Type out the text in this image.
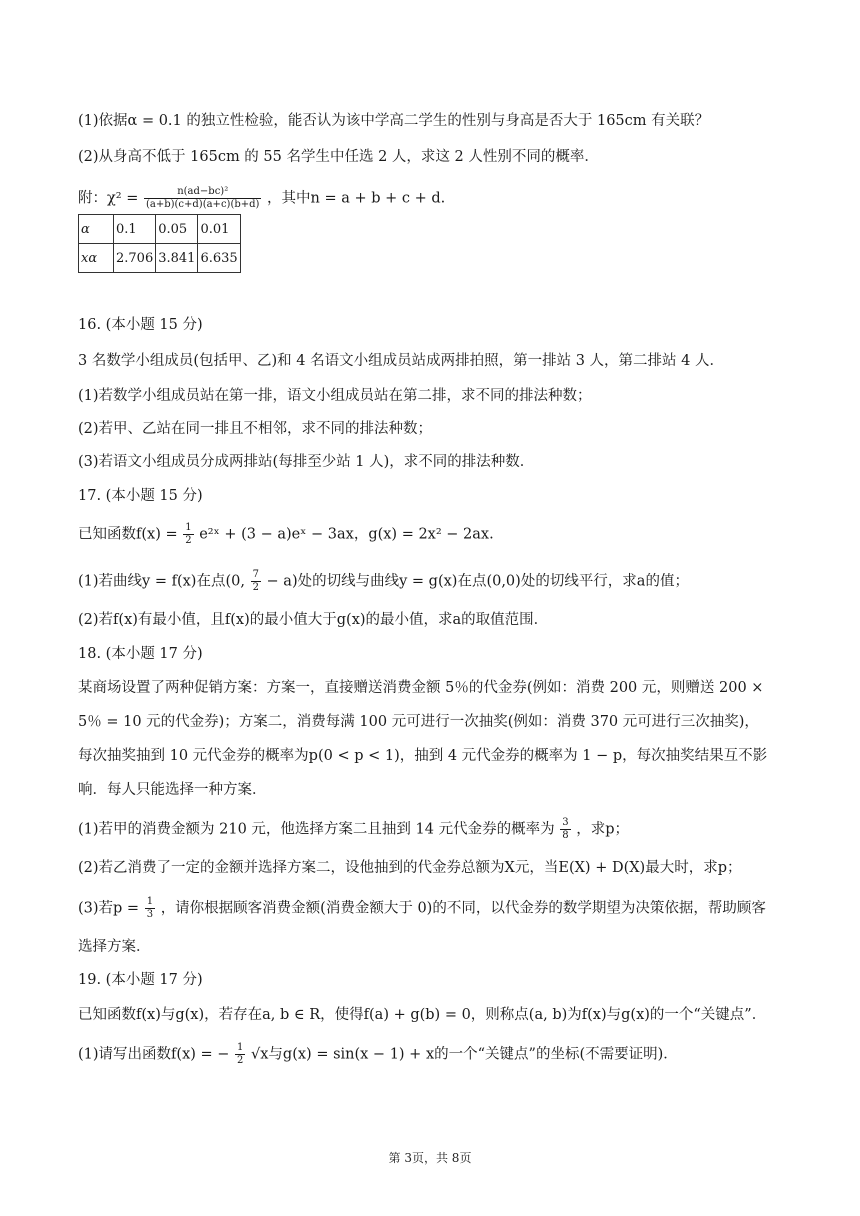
(1)依据α = 0.1 的独立性检验，能否认为该中学高二学生的性别与身高是否大于 165cm 有关联？
(2)从身高不低于 165cm 的 55 名学生中任选 2 人，求这 2 人性别不同的概率．
附：$\chi^2 = \frac{\text{n(ad−bc)²}}{(a+b)(c+d)(a+c)(b+d)}$ ，其中n = a + b + c + d.
α	0.1	0.05	0.01
xα	2.706	3.841	6.635
16. (本小题 15 分)
3 名数学小组成员(包括甲、乙)和 4 名语文小组成员站成两排拍照，第一排站 3 人，第二排站 4 人．
(1)若数学小组成员站在第一排，语文小组成员站在第二排，求不同的排法种数；
(2)若甲、乙站在同一排且不相邻，求不同的排法种数；
(3)若语文小组成员分成两排站(每排至少站 1 人)，求不同的排法种数．
17. (本小题 15 分)
已知函数$f(x) = \frac{1}{2}$ e²ˣ + (3 − a)eˣ − 3ax，g(x) = 2x² − 2ax.
(1)若曲线y = f(x)在点(0, $\frac{7}{2} - a$)处的切线与曲线y = g(x)在点(0,0)处的切线平行，求a的值；
(2)若f(x)有最小值，且f(x)的最小值大于g(x)的最小值，求a的取值范围．
18. (本小题 17 分)
某商场设置了两种促销方案：方案一，直接赠送消费金额 5％的代金券(例如：消费 200 元，则赠送 200 ×
5％ = 10 元的代金券)；方案二，消费每满 100 元可进行一次抽奖(例如：消费 370 元可进行三次抽奖)，
每次抽奖抽到 10 元代金券的概率为p(0 < p < 1)，抽到 4 元代金券的概率为 1 − p，每次抽奖结果互不影
响．每人只能选择一种方案．
(1)若甲的消费金额为 210 元，他选择方案二且抽到 14 元代金券的概率为 $\frac{3}{8}$ ，求p；
(2)若乙消费了一定的金额并选择方案二，设他抽到的代金券总额为X元，当E(X) + D(X)最大时，求p；
(3)若$p = \frac{1}{3}$ ，请你根据顾客消费金额(消费金额大于 0)的不同，以代金券的数学期望为决策依据，帮助顾客
选择方案．
19. (本小题 17 分)
已知函数f(x)与g(x)，若存在a, b ∈ R，使得f(a) + g(b) = 0，则称点(a, b)为f(x)与g(x)的一个“关键点”．
(1)请写出函数f(x) = − $\frac{1}{2} √x$与g(x) = sin(x − 1) + x的一个“关键点”的坐标(不需要证明)．
第 3页，共 8页
